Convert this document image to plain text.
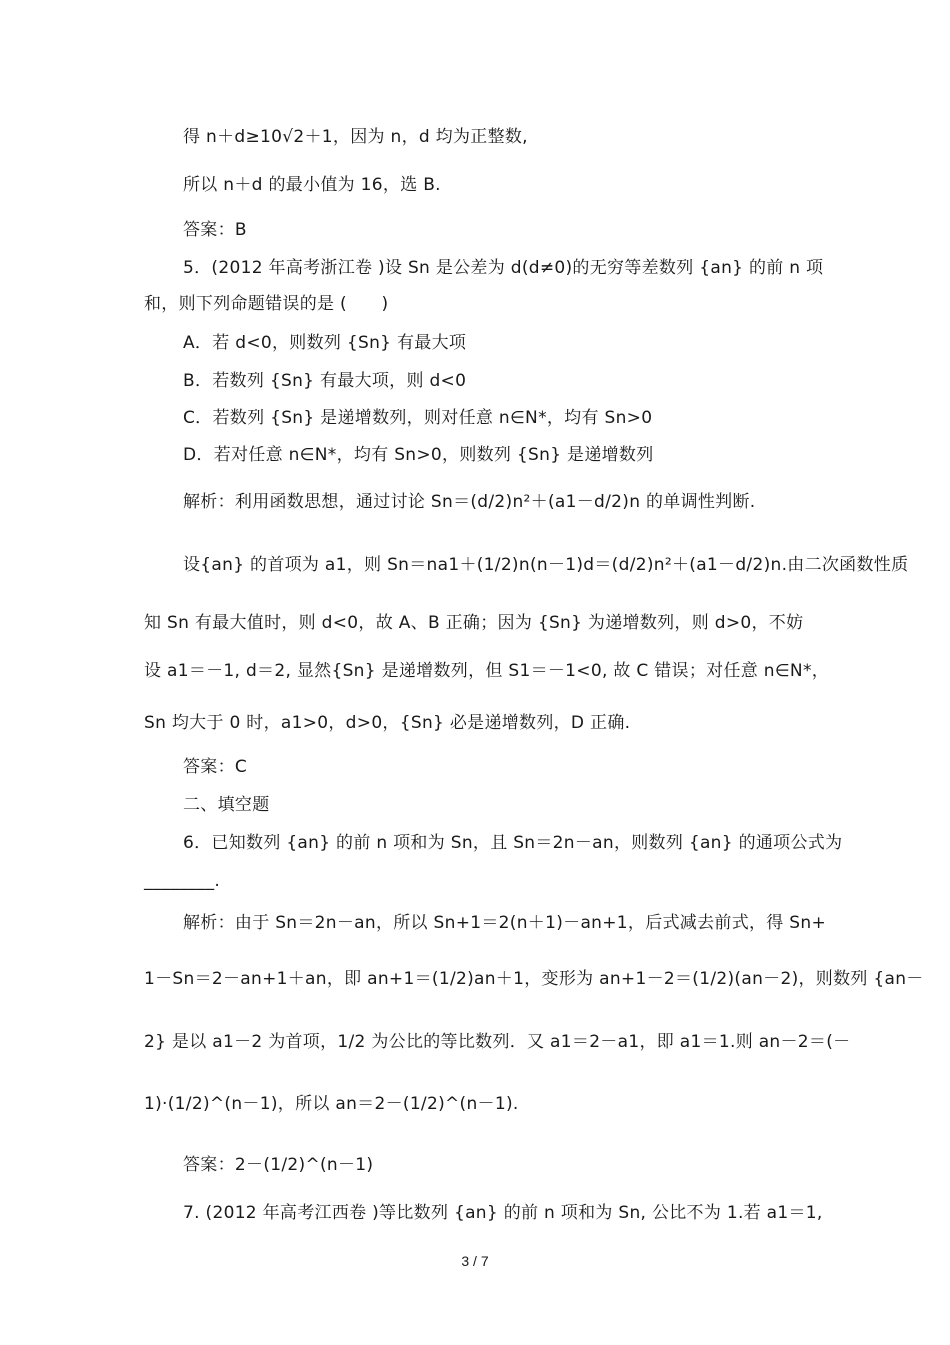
得 n＋d≥10√2＋1，因为 n，d 均为正整数,
所以 n＋d 的最小值为 16，选 B.
答案：B
5．(2012 年高考浙江卷 )设 Sn 是公差为 d(d≠0)的无穷等差数列 {an} 的前 n 项
和，则下列命题错误的是 (　　)
A．若 d<0，则数列 {Sn} 有最大项
B．若数列 {Sn} 有最大项，则 d<0
C．若数列 {Sn} 是递增数列，则对任意 n∈N*，均有 Sn>0
D．若对任意 n∈N*，均有 Sn>0，则数列 {Sn} 是递增数列
解析：利用函数思想，通过讨论 Sn＝(d/2)n²＋(a1－d/2)n 的单调性判断.
设{an} 的首项为 a1，则 Sn＝na1＋(1/2)n(n－1)d＝(d/2)n²＋(a1－d/2)n.由二次函数性质
知 Sn 有最大值时，则 d<0，故 A、B 正确；因为 {Sn} 为递增数列，则 d>0，不妨
设 a1＝－1, d＝2, 显然{Sn} 是递增数列，但 S1＝－1<0, 故 C 错误；对任意 n∈N*，
Sn 均大于 0 时，a1>0，d>0，{Sn} 必是递增数列，D 正确.
答案：C
二、填空题
6．已知数列 {an} 的前 n 项和为 Sn，且 Sn＝2n－an，则数列 {an} 的通项公式为
________.
解析：由于 Sn＝2n－an，所以 Sn+1＝2(n＋1)－an+1，后式减去前式，得 Sn+
1－Sn＝2－an+1＋an，即 an+1＝(1/2)an＋1，变形为 an+1－2＝(1/2)(an－2)，则数列 {an－
2} 是以 a1－2 为首项，1/2 为公比的等比数列．又 a1＝2－a1，即 a1＝1.则 an－2＝(－
1)·(1/2)^(n－1)，所以 an＝2－(1/2)^(n－1).
答案：2－(1/2)^(n－1)
7. (2012 年高考江西卷 )等比数列 {an} 的前 n 项和为 Sn, 公比不为 1.若 a1＝1,
3 / 7
